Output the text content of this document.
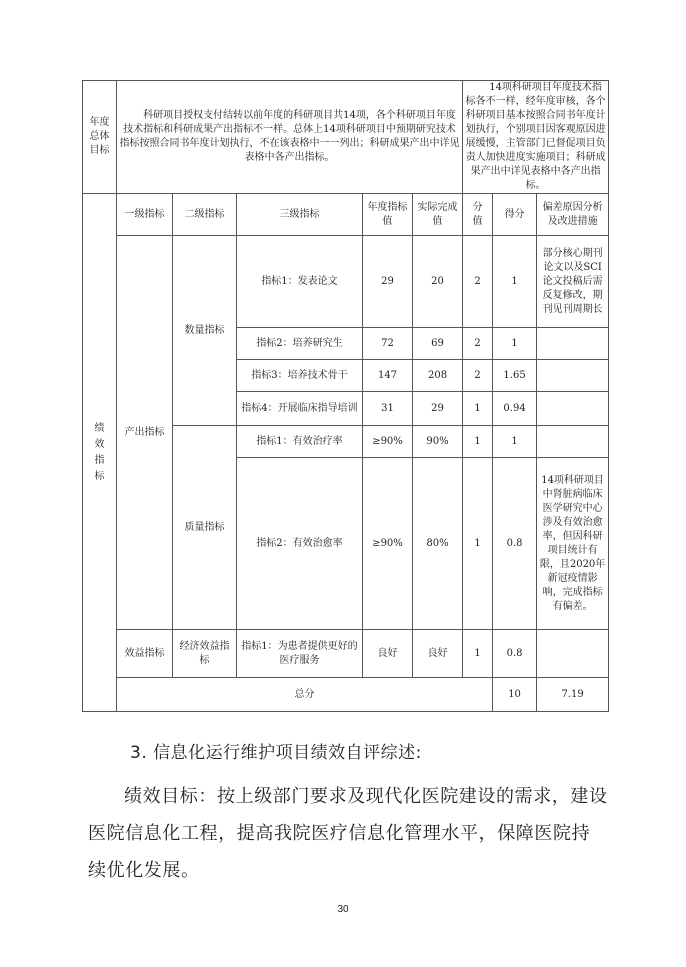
年度总体目标	科研项目授权支付结转以前年度的科研项目共14项，各个科研项目年度技术指标和科研成果产出指标不一样。总体上14项科研项目中预期研究技术指标按照合同书年度计划执行，不在该表格中一一列出；科研成果产出中详见表格中各产出指标。					14项科研项目年度技术指标各不一样，经年度审核，各个科研项目基本按照合同书年度计划执行，个别项目因客观原因进展缓慢，主管部门已督促项目负责人加快进度实施项目；科研成果产出中详见表格中各产出指标。			

绩效指标	一级指标	二级指标	三级指标	年度指标值	实际完成值	分值	得分	偏差原因分析及改进措施	
	产出指标	数量指标	指标1：发表论文	29	20	2	1	部分核心期刊论文以及SCI论文投稿后需反复修改，期刊见刊周期长	
			指标2：培养研究生	72	69	2	1		
			指标3：培养技术骨干	147	208	2	1.65		
			指标4：开展临床指导培训	31	29	1	0.94		
		质量指标	指标1：有效治疗率	≥90%	90%	1	1		
			指标2：有效治愈率	≥90%	80%	1	0.8	14项科研项目中肾脏病临床医学研究中心涉及有效治愈率，但因科研项目统计有限，且2020年新冠疫情影响，完成指标有偏差。	
	效益指标	经济效益指标	指标1：为患者提供更好的医疗服务	良好	良好	1	0.8		
	总分						10	7.19	
3. 信息化运行维护项目绩效自评综述:

绩效目标：按上级部门要求及现代化医院建设的需求，建设医院信息化工程，提高我院医疗信息化管理水平，保障医院持续优化发展。

30
